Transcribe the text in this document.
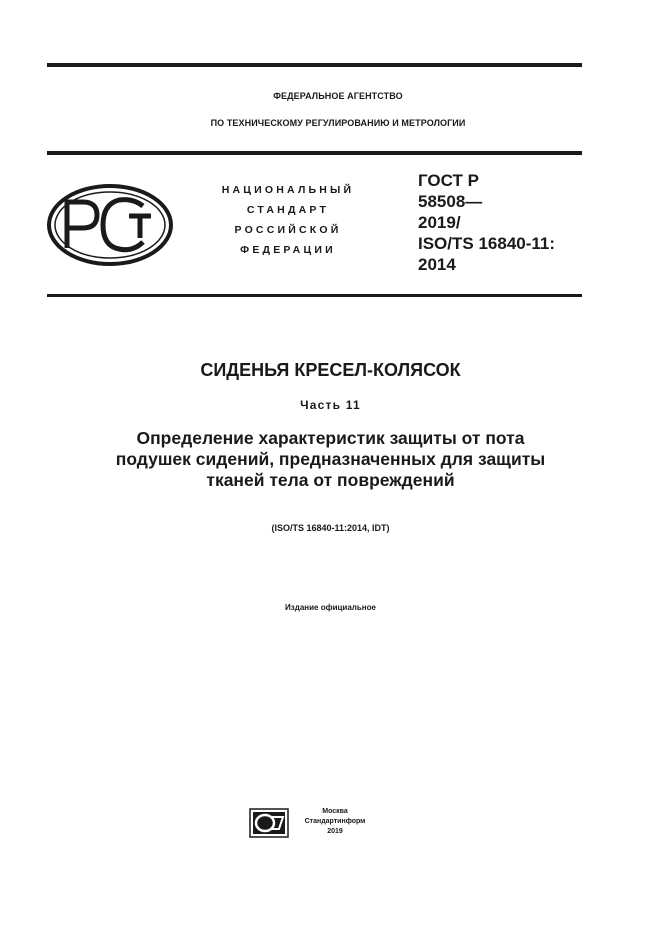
ФЕДЕРАЛЬНОЕ АГЕНТСТВО
ПО ТЕХНИЧЕСКОМУ РЕГУЛИРОВАНИЮ И МЕТРОЛОГИИ
НАЦИОНАЛЬНЫЙ
СТАНДАРТ
РОССИЙСКОЙ
ФЕДЕРАЦИИ
ГОСТ Р
58508—
2019/
ISO/TS 16840-11:
2014
СИДЕНЬЯ КРЕСЕЛ-КОЛЯСОК
Часть 11
Определение характеристик защиты от пота
подушек сидений, предназначенных для защиты
тканей тела от повреждений
(ISO/TS 16840-11:2014, IDT)
Издание официальное
Москва
Стандартинформ
2019
